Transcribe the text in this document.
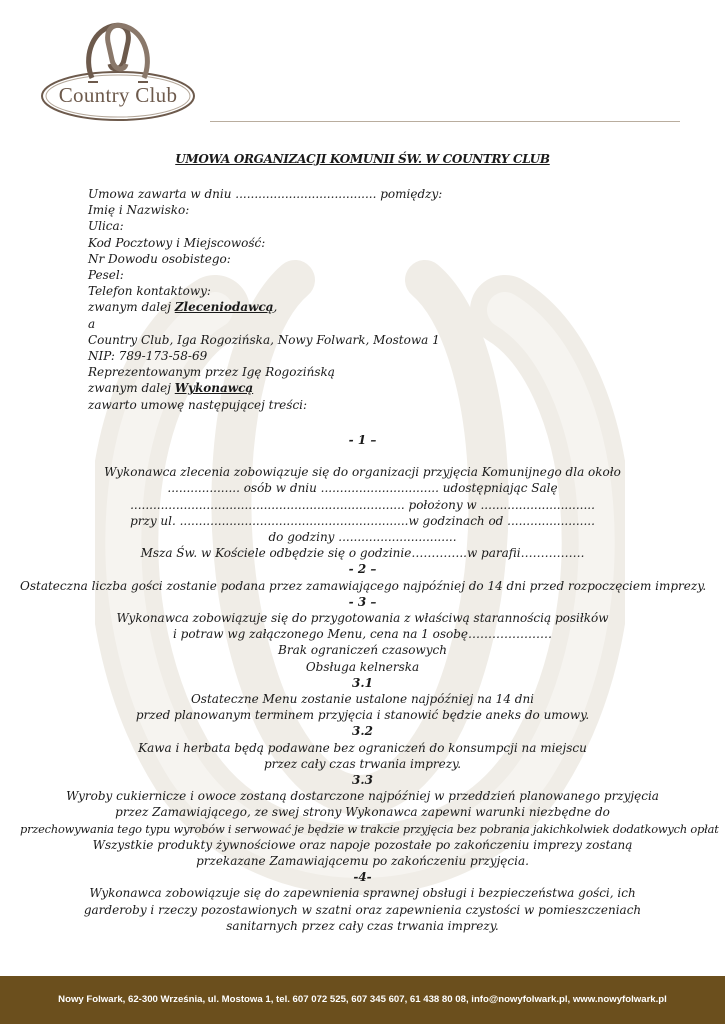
Country Club
UMOWA ORGANIZACJI KOMUNII ŚW. W COUNTRY CLUB
Umowa zawarta w dniu ..................................... pomiędzy:
Imię i Nazwisko:
Ulica:
Kod Pocztowy i Miejscowość:
Nr Dowodu osobistego:
Pesel:
Telefon kontaktowy:
zwanym dalej Zleceniodawcą,
a
Country Club, Iga Rogozińska, Nowy Folwark, Mostowa 1
NIP: 789-173-58-69
Reprezentowanym przez Igę Rogozińską
zwanym dalej Wykonawcą
zawarto umowę następującej treści:
- 1 –
Wykonawca zlecenia zobowiązuje się do organizacji przyjęcia Komunijnego dla około
................... osób w dniu ............................... udostępniając Salę
........................................................................ położony w ..............................
przy ul. ............................................................w godzinach od .......................
do godziny ...............................
Msza Św. w Kościele odbędzie się o godzinie…………..w parafii…………….
- 2 –
Ostateczna liczba gości zostanie podana przez zamawiającego najpóźniej do 14 dni przed rozpoczęciem imprezy.
- 3 –
Wykonawca zobowiązuje się do przygotowania z właściwą starannością posiłków
i potraw wg załączonego Menu, cena na 1 osobę…………………
Brak ograniczeń czasowych
Obsługa kelnerska
3.1
Ostateczne Menu zostanie ustalone najpóźniej na 14 dni
przed planowanym terminem przyjęcia i stanowić będzie aneks do umowy.
3.2
Kawa i herbata będą podawane bez ograniczeń do konsumpcji na miejscu
przez cały czas trwania imprezy.
3.3
Wyroby cukiernicze i owoce zostaną dostarczone najpóźniej w przeddzień planowanego przyjęcia
przez Zamawiającego, ze swej strony Wykonawca zapewni warunki niezbędne do
przechowywania tego typu wyrobów i serwować je będzie w trakcie przyjęcia bez pobrania jakichkolwiek dodatkowych opłat
Wszystkie produkty żywnościowe oraz napoje pozostałe po zakończeniu imprezy zostaną
przekazane Zamawiającemu po zakończeniu przyjęcia.
-4-
Wykonawca zobowiązuje się do zapewnienia sprawnej obsługi i bezpieczeństwa gości, ich
garderoby i rzeczy pozostawionych w szatni oraz zapewnienia czystości w pomieszczeniach
sanitarnych przez cały czas trwania imprezy.
Nowy Folwark, 62-300 Września, ul. Mostowa 1, tel. 607 072 525, 607 345 607, 61 438 80 08, info@nowyfolwark.pl, www.nowyfolwark.pl
